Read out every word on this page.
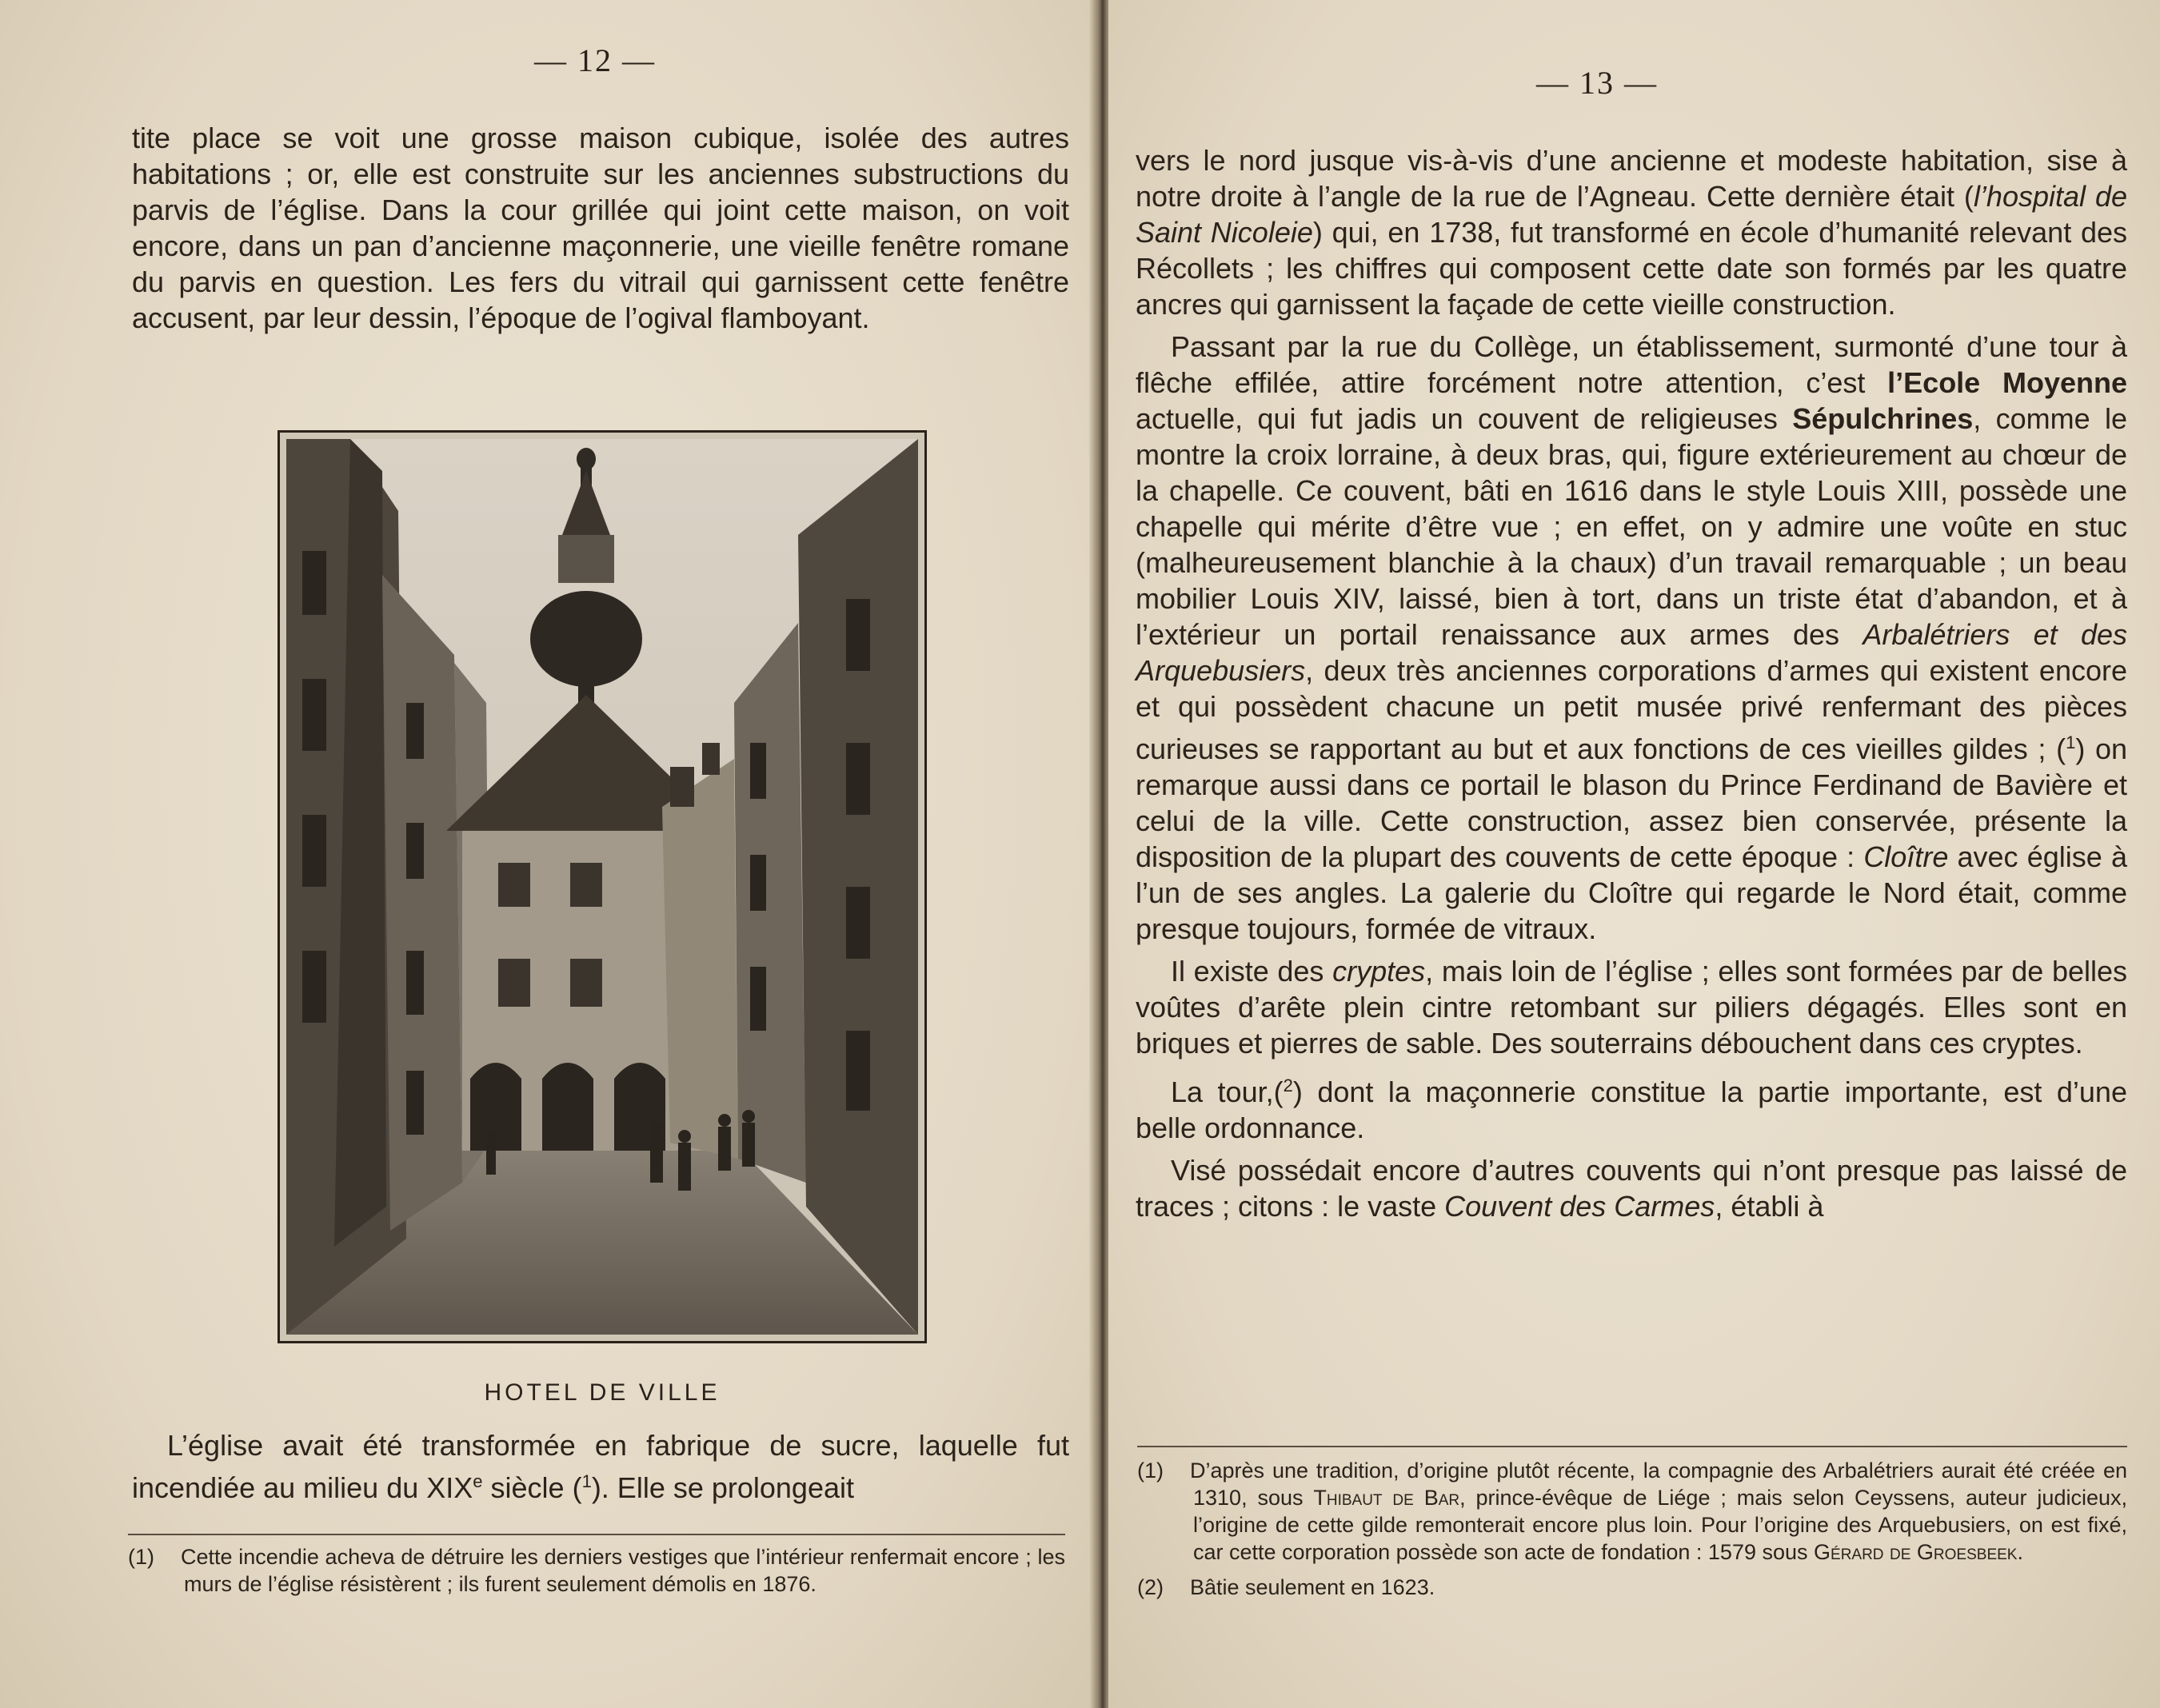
— 12 —

tite place se voit une grosse maison cubique, isolée des autres habitations ; or, elle est construite sur les anciennes substructions du parvis de l’église. Dans la cour grillée qui joint cette maison, on voit encore, dans un pan d’ancienne maçonnerie, une vieille fenêtre romane du parvis en question. Les fers du vitrail qui garnissent cette fenêtre accusent, par leur dessin, l’époque de l’ogival flamboyant.

HOTEL DE VILLE

L’église avait été transformée en fabrique de sucre, laquelle fut incendiée au milieu du XIXe siècle ($^1$). Elle se prolongeait

(1) Cette incendie acheva de détruire les derniers vestiges que l’intérieur renfermait encore ; les murs de l’église résistèrent ; ils furent seulement démolis en 1876.

— 13 —

vers le nord jusque vis-à-vis d’une ancienne et modeste habitation, sise à notre droite à l’angle de la rue de l’Agneau. Cette dernière était (l’hospital de Saint Nicoleie) qui, en 1738, fut transformé en école d’humanité relevant des Récollets ; les chiffres qui composent cette date son formés par les quatre ancres qui garnissent la façade de cette vieille construction.

Passant par la rue du Collège, un établissement, surmonté d’une tour à flêche effilée, attire forcément notre attention, c’est l’Ecole Moyenne actuelle, qui fut jadis un couvent de religieuses Sépulchrines, comme le montre la croix lorraine, à deux bras, qui, figure extérieurement au chœur de la chapelle. Ce couvent, bâti en 1616 dans le style Louis XIII, possède une chapelle qui mérite d’être vue ; en effet, on y admire une voûte en stuc (malheureusement blanchie à la chaux) d’un travail remarquable ; un beau mobilier Louis XIV, laissé, bien à tort, dans un triste état d’abandon, et à l’extérieur un portail renaissance aux armes des Arbalétriers et des Arquebusiers, deux très anciennes corporations d’armes qui existent encore et qui possèdent chacune un petit musée privé renfermant des pièces curieuses se rapportant au but et aux fonctions de ces vieilles gildes ; ($^1$) on remarque aussi dans ce portail le blason du Prince Ferdinand de Bavière et celui de la ville. Cette construction, assez bien conservée, présente la disposition de la plupart des couvents de cette époque : Cloître avec église à l’un de ses angles. La galerie du Cloître qui regarde le Nord était, comme presque toujours, formée de vitraux.

Il existe des cryptes, mais loin de l’église ; elles sont formées par de belles voûtes d’arête plein cintre retombant sur piliers dégagés. Elles sont en briques et pierres de sable. Des souterrains débouchent dans ces cryptes.

La tour,($^2$) dont la maçonnerie constitue la partie importante, est d’une belle ordonnance.

Visé possédait encore d’autres couvents qui n’ont presque pas laissé de traces ; citons : le vaste Couvent des Carmes, établi à

(1) D’après une tradition, d’origine plutôt récente, la compagnie des Arbalétriers aurait été créée en 1310, sous Thibaut de Bar, prince-évêque de Liége ; mais selon Ceyssens, auteur judicieux, l’origine de cette gilde remonterait encore plus loin. Pour l’origine des Arquebusiers, on est fixé, car cette corporation possède son acte de fondation : 1579 sous Gérard de Groesbeek.

(2) Bâtie seulement en 1623.
